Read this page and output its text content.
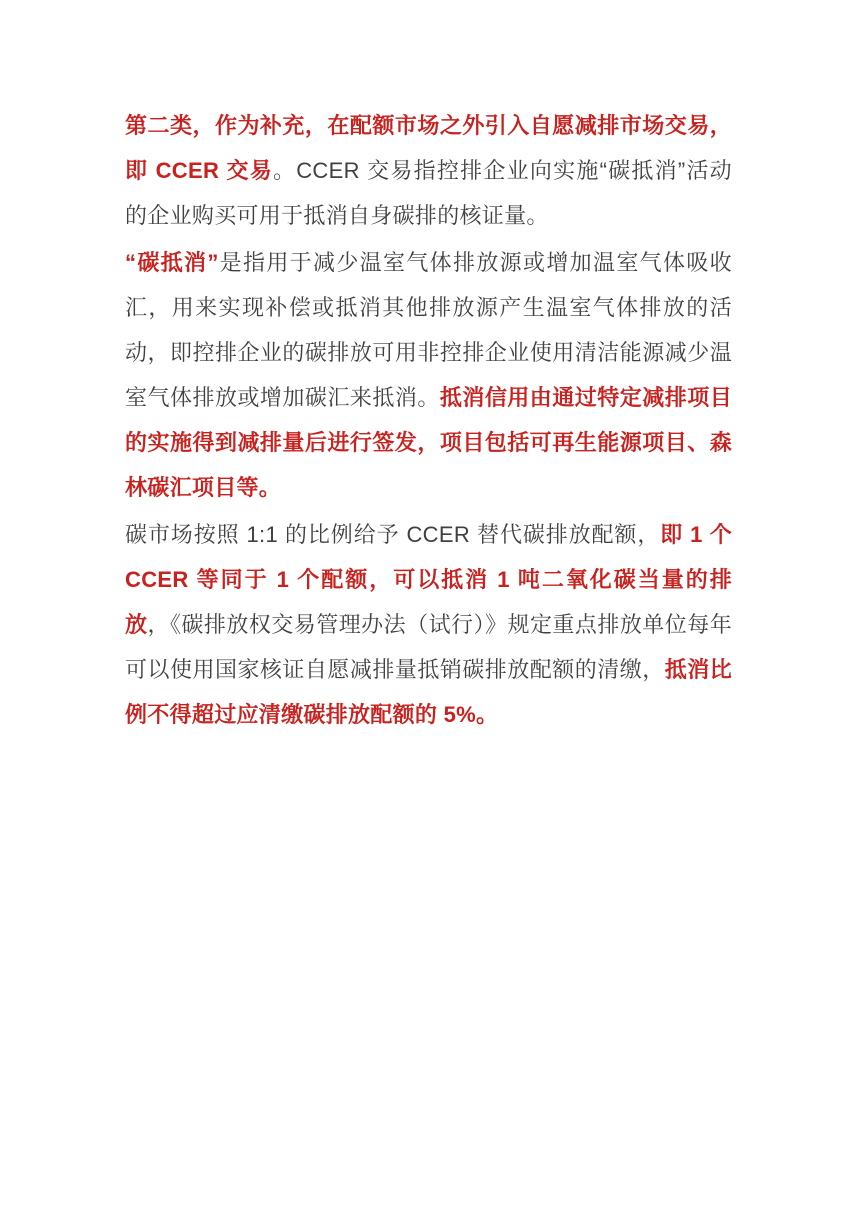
第二类，作为补充，在配额市场之外引入自愿减排市场交易，即 CCER 交易。CCER 交易指控排企业向实施“碳抵消”活动的企业购买可用于抵消自身碳排的核证量。

“碳抵消”是指用于减少温室气体排放源或增加温室气体吸收汇，用来实现补偿或抵消其他排放源产生温室气体排放的活动，即控排企业的碳排放可用非控排企业使用清洁能源减少温室气体排放或增加碳汇来抵消。抵消信用由通过特定减排项目的实施得到减排量后进行签发，项目包括可再生能源项目、森林碳汇项目等。

碳市场按照 1:1 的比例给予 CCER 替代碳排放配额，即 1 个 CCER 等同于 1 个配额，可以抵消 1 吨二氧化碳当量的排放，《碳排放权交易管理办法（试行）》规定重点排放单位每年可以使用国家核证自愿减排量抵销碳排放配额的清缴，抵消比例不得超过应清缴碳排放配额的 5%。
